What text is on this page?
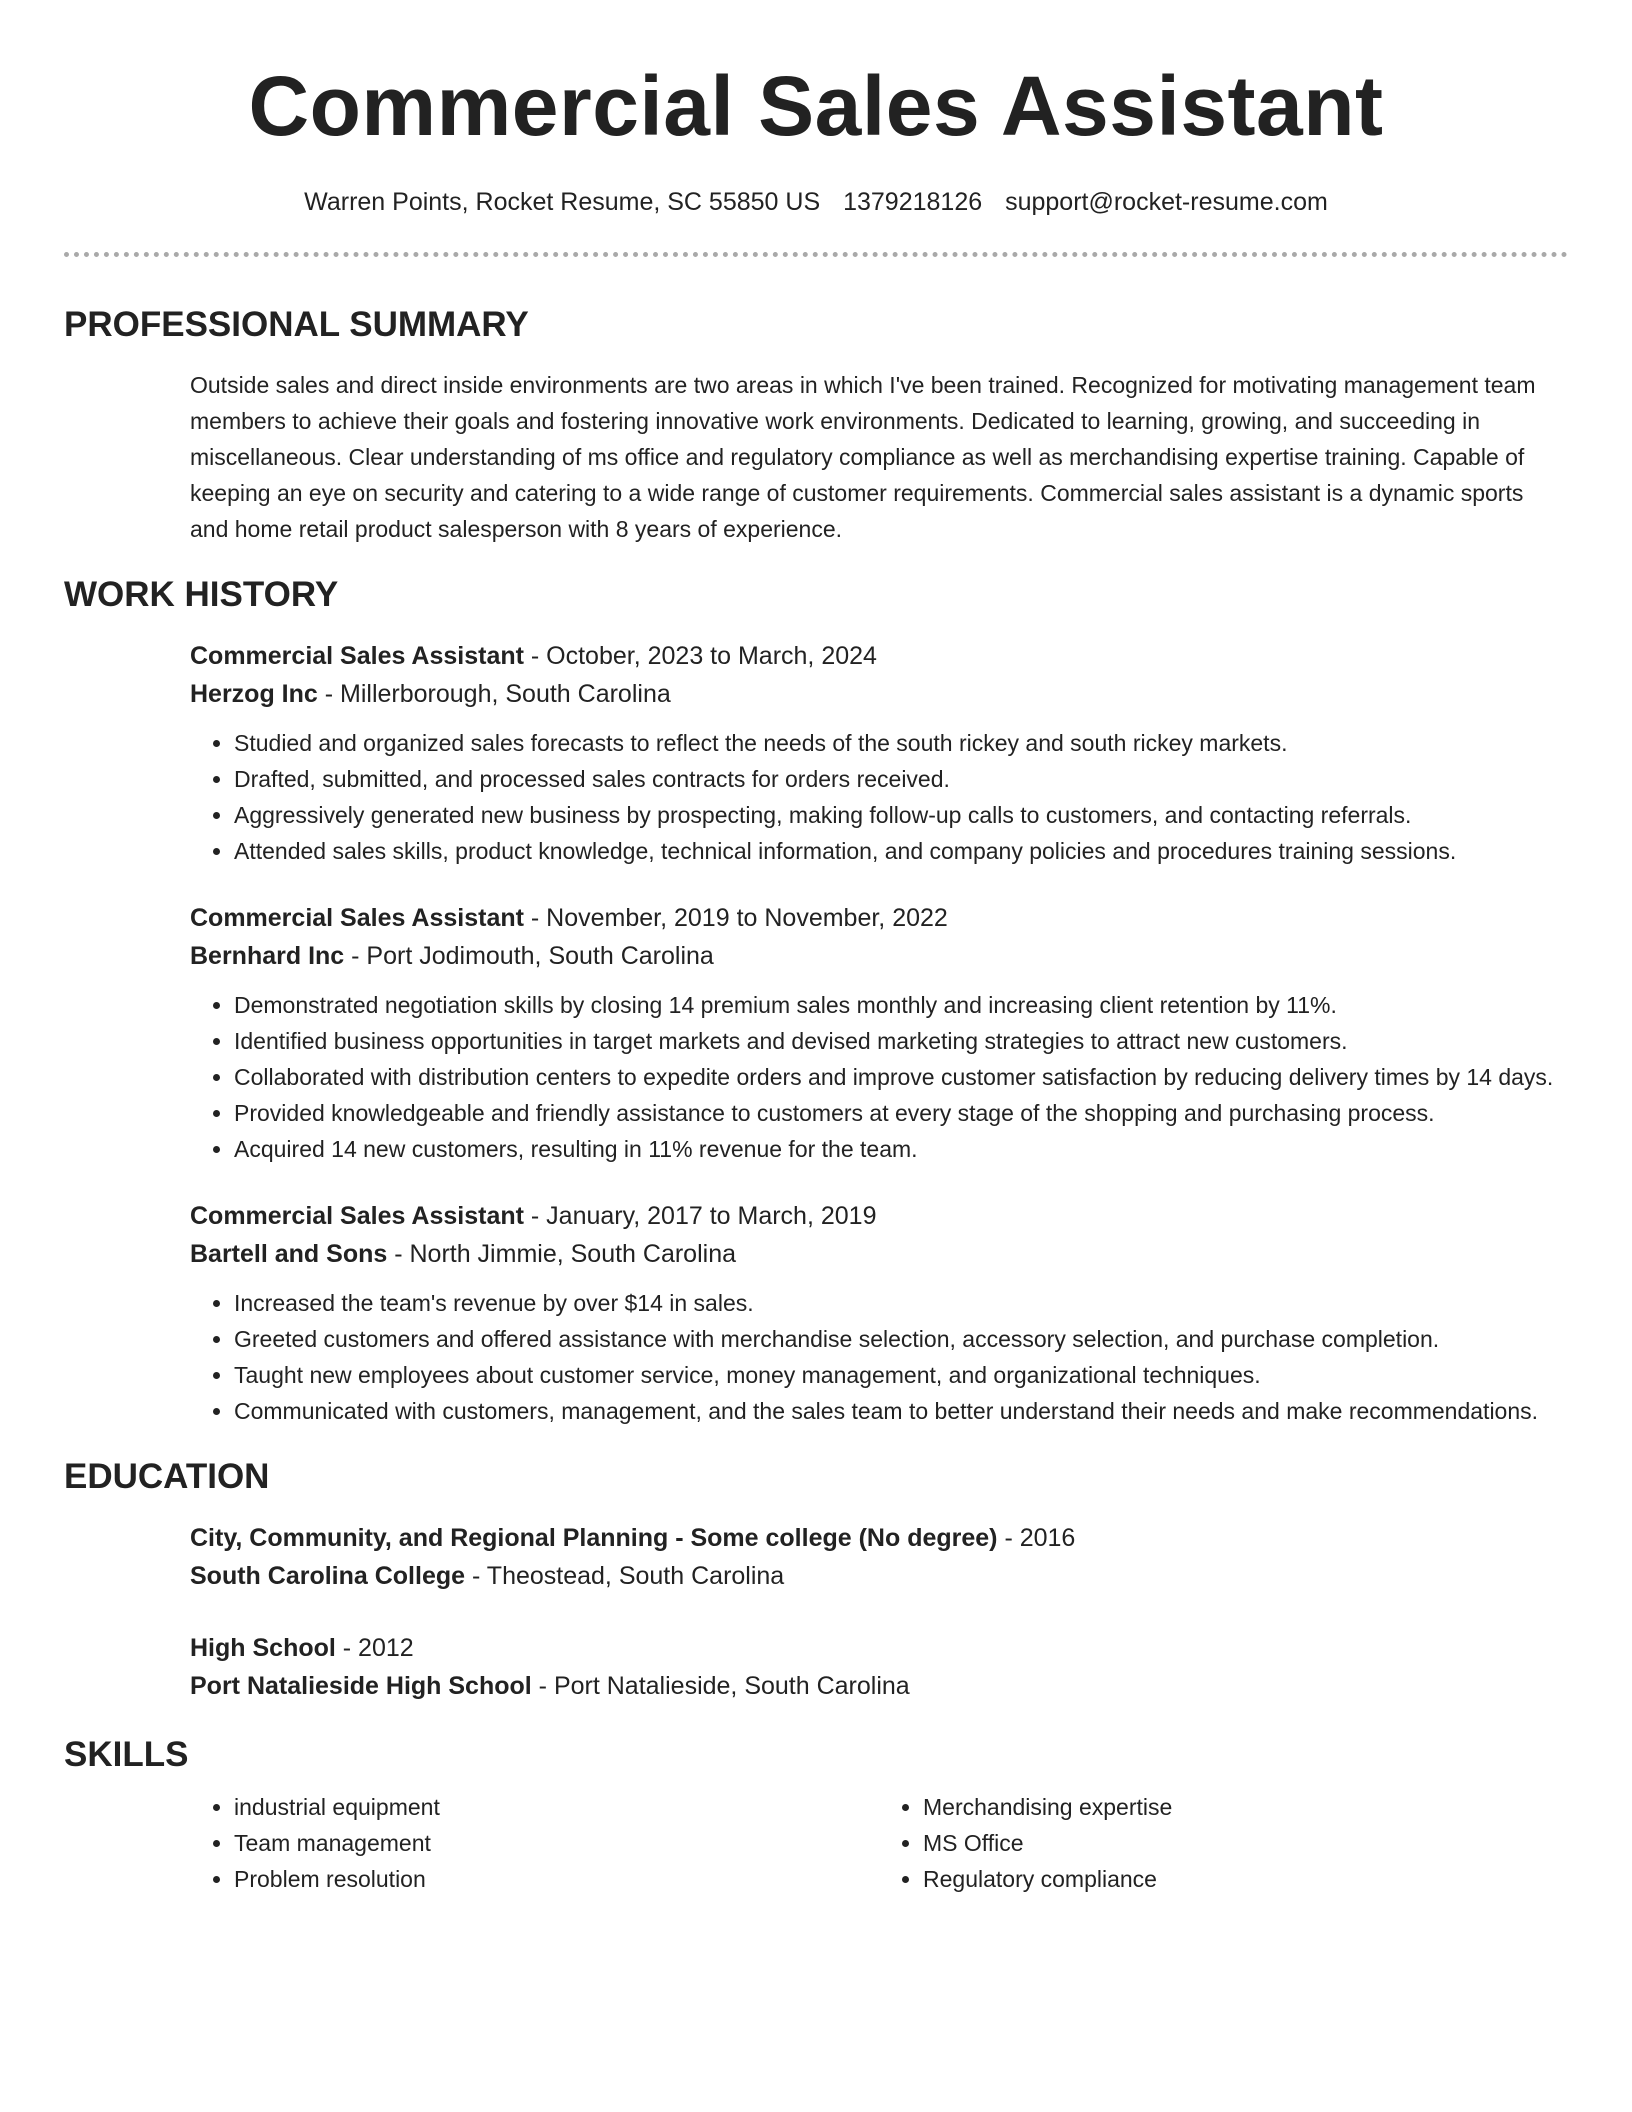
Commercial Sales Assistant
Warren Points, Rocket Resume, SC 55850 US 1379218126 support@rocket-resume.com
PROFESSIONAL SUMMARY
Outside sales and direct inside environments are two areas in which I've been trained. Recognized for motivating management team members to achieve their goals and fostering innovative work environments. Dedicated to learning, growing, and succeeding in miscellaneous. Clear understanding of ms office and regulatory compliance as well as merchandising expertise training. Capable of keeping an eye on security and catering to a wide range of customer requirements. Commercial sales assistant is a dynamic sports and home retail product salesperson with 8 years of experience.
WORK HISTORY
Commercial Sales Assistant - October, 2023 to March, 2024
Herzog Inc - Millerborough, South Carolina
• Studied and organized sales forecasts to reflect the needs of the south rickey and south rickey markets.
• Drafted, submitted, and processed sales contracts for orders received.
• Aggressively generated new business by prospecting, making follow-up calls to customers, and contacting referrals.
• Attended sales skills, product knowledge, technical information, and company policies and procedures training sessions.
Commercial Sales Assistant - November, 2019 to November, 2022
Bernhard Inc - Port Jodimouth, South Carolina
• Demonstrated negotiation skills by closing 14 premium sales monthly and increasing client retention by 11%.
• Identified business opportunities in target markets and devised marketing strategies to attract new customers.
• Collaborated with distribution centers to expedite orders and improve customer satisfaction by reducing delivery times by 14 days.
• Provided knowledgeable and friendly assistance to customers at every stage of the shopping and purchasing process.
• Acquired 14 new customers, resulting in 11% revenue for the team.
Commercial Sales Assistant - January, 2017 to March, 2019
Bartell and Sons - North Jimmie, South Carolina
• Increased the team's revenue by over $14 in sales.
• Greeted customers and offered assistance with merchandise selection, accessory selection, and purchase completion.
• Taught new employees about customer service, money management, and organizational techniques.
• Communicated with customers, management, and the sales team to better understand their needs and make recommendations.
EDUCATION
City, Community, and Regional Planning - Some college (No degree) - 2016
South Carolina College - Theostead, South Carolina
High School - 2012
Port Natalieside High School - Port Natalieside, South Carolina
SKILLS
• industrial equipment
• Team management
• Problem resolution
• Merchandising expertise
• MS Office
• Regulatory compliance
